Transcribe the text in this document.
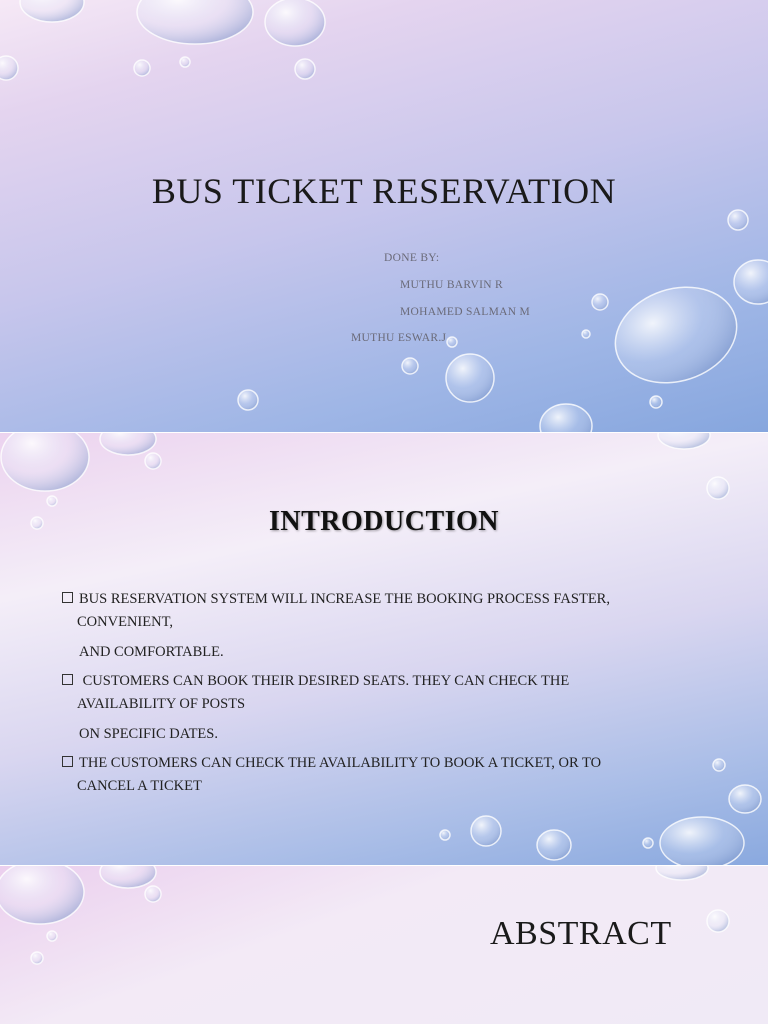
BUS TICKET RESERVATION
DONE BY:
MUTHU BARVIN R
MOHAMED SALMAN M
MUTHU ESWAR.J
INTRODUCTION
BUS RESERVATION SYSTEM WILL INCREASE THE BOOKING PROCESS FASTER,
CONVENIENT,
AND COMFORTABLE.
CUSTOMERS CAN BOOK THEIR DESIRED SEATS. THEY CAN CHECK THE
AVAILABILITY OF POSTS
ON SPECIFIC DATES.
THE CUSTOMERS CAN CHECK THE AVAILABILITY TO BOOK A TICKET, OR TO
CANCEL A TICKET
ABSTRACT
